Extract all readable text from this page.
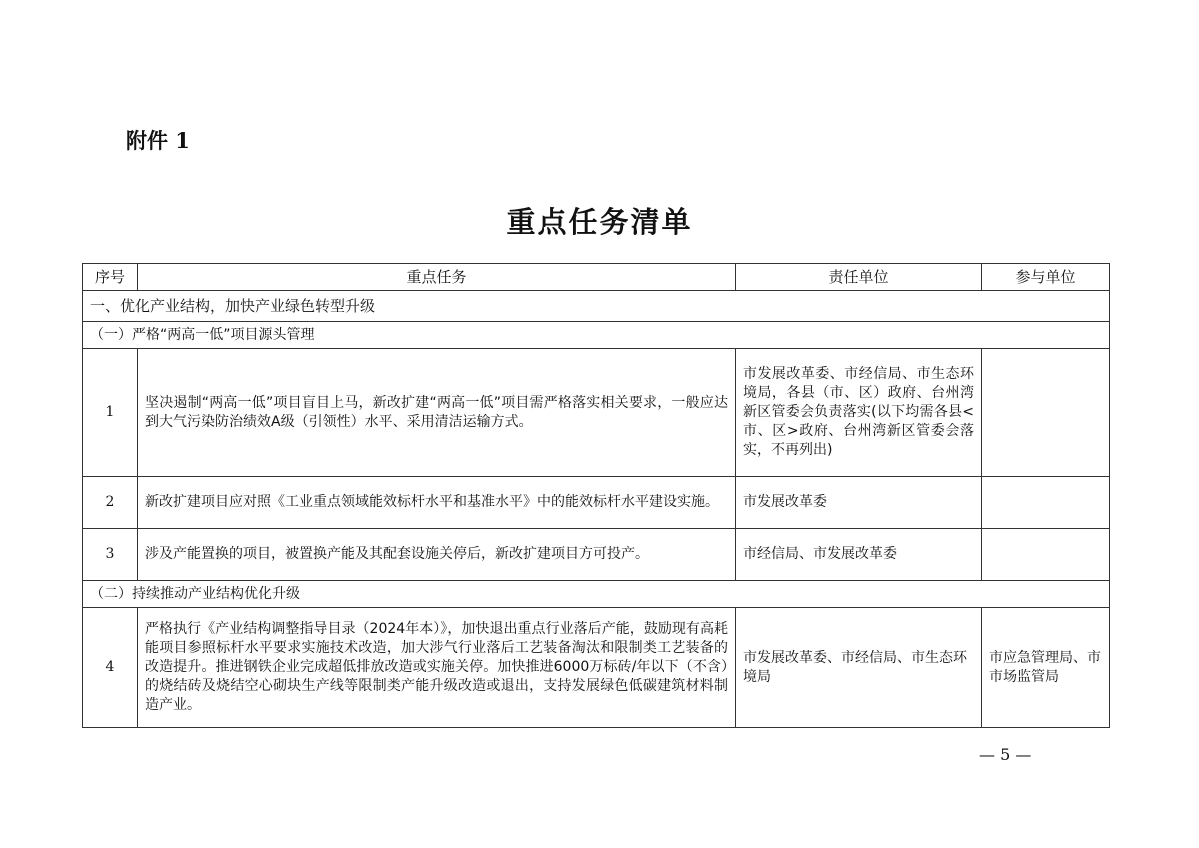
附件 1
重点任务清单
序号	重点任务	责任单位	参与单位
一、优化产业结构，加快产业绿色转型升级			
（一）严格“两高一低”项目源头管理			
1	坚决遏制“两高一低”项目盲目上马，新改扩建“两高一低”项目需严格落实相关要求，一般应达到大气污染防治绩效A级（引领性）水平、采用清洁运输方式。	市发展改革委、市经信局、市生态环境局，各县（市、区）政府、台州湾新区管委会负责落实(以下均需各县<市、区>政府、台州湾新区管委会落实，不再列出)	
2	新改扩建项目应对照《工业重点领域能效标杆水平和基准水平》中的能效标杆水平建设实施。	市发展改革委	
3	涉及产能置换的项目，被置换产能及其配套设施关停后，新改扩建项目方可投产。	市经信局、市发展改革委	
（二）持续推动产业结构优化升级			
4	严格执行《产业结构调整指导目录（2024年本）》，加快退出重点行业落后产能，鼓励现有高耗能项目参照标杆水平要求实施技术改造，加大涉气行业落后工艺装备淘汰和限制类工艺装备的改造提升。推进钢铁企业完成超低排放改造或实施关停。加快推进6000万标砖/年以下（不含）的烧结砖及烧结空心砌块生产线等限制类产能升级改造或退出，支持发展绿色低碳建筑材料制造产业。	市发展改革委、市经信局、市生态环境局	市应急管理局、市市场监管局
— 5 —
